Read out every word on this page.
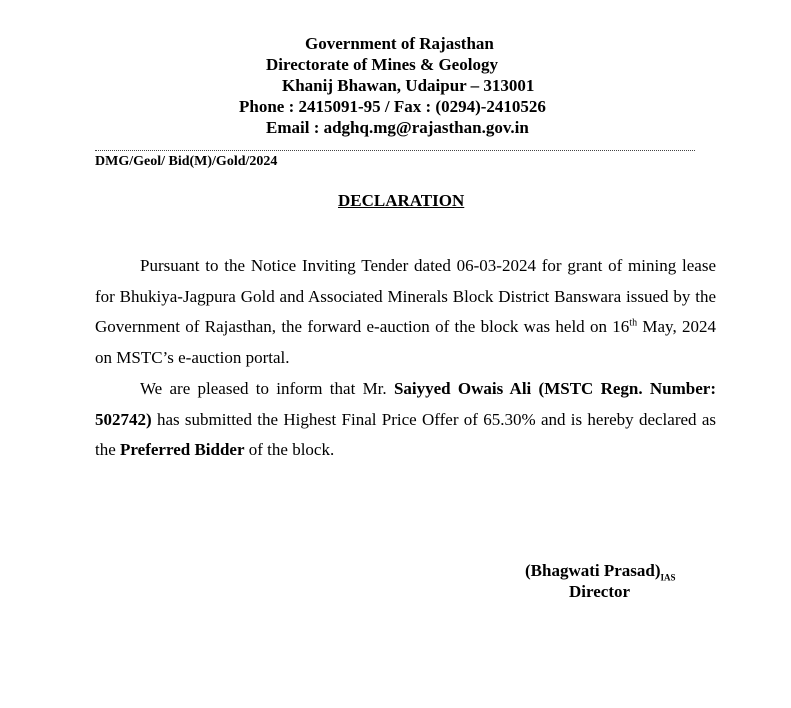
Government of Rajasthan
Directorate of Mines & Geology
Khanij Bhawan, Udaipur – 313001
Phone : 2415091-95 / Fax : (0294)-2410526
Email : adghq.mg@rajasthan.gov.in
DMG/Geol/ Bid(M)/Gold/2024
DECLARATION

Pursuant to the Notice Inviting Tender dated 06-03-2024 for grant of mining lease for Bhukiya-Jagpura Gold and Associated Minerals Block District Banswara issued by the Government of Rajasthan, the forward e-auction of the block was held on 16th May, 2024 on MSTC’s e-auction portal.

We are pleased to inform that Mr. Saiyyed Owais Ali (MSTC Regn. Number: 502742) has submitted the Highest Final Price Offer of 65.30% and is hereby declared as the Preferred Bidder of the block.

(Bhagwati $Prasad)_{IAS}$
Director
